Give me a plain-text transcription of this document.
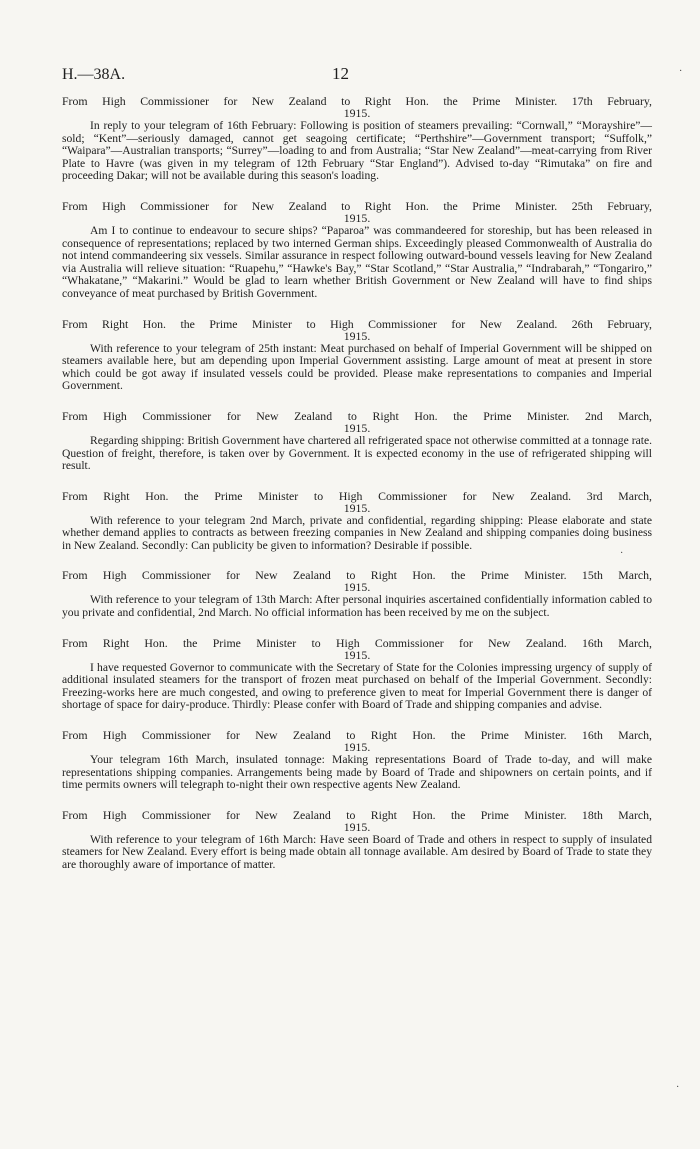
H.—38A.	12
From High Commissioner for New Zealand to Right Hon. the Prime Minister. 17th February,
1915.

In reply to your telegram of 16th February: Following is position of steamers prevailing: “Cornwall,” “Morayshire”—sold; “Kent”—seriously damaged, cannot get seagoing certificate; “Perthshire”—Government transport; “Suffolk,” “Waipara”—Australian transports; “Surrey”—loading to and from Australia; “Star New Zealand”—meat-carrying from River Plate to Havre (was given in my telegram of 12th February “Star England”). Advised to-day “Rimutaka” on fire and proceeding Dakar; will not be available during this season's loading.

From High Commissioner for New Zealand to Right Hon. the Prime Minister. 25th February,
1915.

Am I to continue to endeavour to secure ships? “Paparoa” was commandeered for storeship, but has been released in consequence of representations; replaced by two interned German ships. Exceedingly pleased Commonwealth of Australia do not intend commandeering six vessels. Similar assurance in respect following outward-bound vessels leaving for New Zealand via Australia will relieve situation: “Ruapehu,” “Hawke's Bay,” “Star Scotland,” “Star Australia,” “Indrabarah,” “Tongariro,” “Whakatane,” “Makarini.” Would be glad to learn whether British Government or New Zealand will have to find ships conveyance of meat purchased by British Government.

From Right Hon. the Prime Minister to High Commissioner for New Zealand. 26th February,
1915.

With reference to your telegram of 25th instant: Meat purchased on behalf of Imperial Government will be shipped on steamers available here, but am depending upon Imperial Government assisting. Large amount of meat at present in store which could be got away if insulated vessels could be provided. Please make representations to companies and Imperial Government.

From High Commissioner for New Zealand to Right Hon. the Prime Minister. 2nd March,
1915.

Regarding shipping: British Government have chartered all refrigerated space not otherwise committed at a tonnage rate. Question of freight, therefore, is taken over by Government. It is expected economy in the use of refrigerated shipping will result.

From Right Hon. the Prime Minister to High Commissioner for New Zealand. 3rd March,
1915.

With reference to your telegram 2nd March, private and confidential, regarding shipping: Please elaborate and state whether demand applies to contracts as between freezing companies in New Zealand and shipping companies doing business in New Zealand. Secondly: Can publicity be given to information? Desirable if possible.

From High Commissioner for New Zealand to Right Hon. the Prime Minister. 15th March,
1915.

With reference to your telegram of 13th March: After personal inquiries ascertained confidentially information cabled to you private and confidential, 2nd March. No official information has been received by me on the subject.

From Right Hon. the Prime Minister to High Commissioner for New Zealand. 16th March,
1915.

I have requested Governor to communicate with the Secretary of State for the Colonies impressing urgency of supply of additional insulated steamers for the transport of frozen meat purchased on behalf of the Imperial Government. Secondly: Freezing-works here are much congested, and owing to preference given to meat for Imperial Government there is danger of shortage of space for dairy-produce. Thirdly: Please confer with Board of Trade and shipping companies and advise.

From High Commissioner for New Zealand to Right Hon. the Prime Minister. 16th March,
1915.

Your telegram 16th March, insulated tonnage: Making representations Board of Trade to-day, and will make representations shipping companies. Arrangements being made by Board of Trade and shipowners on certain points, and if time permits owners will telegraph to-night their own respective agents New Zealand.

From High Commissioner for New Zealand to Right Hon. the Prime Minister. 18th March,
1915.

With reference to your telegram of 16th March: Have seen Board of Trade and others in respect to supply of insulated steamers for New Zealand. Every effort is being made obtain all tonnage available. Am desired by Board of Trade to state they are thoroughly aware of importance of matter.

·
·
·
